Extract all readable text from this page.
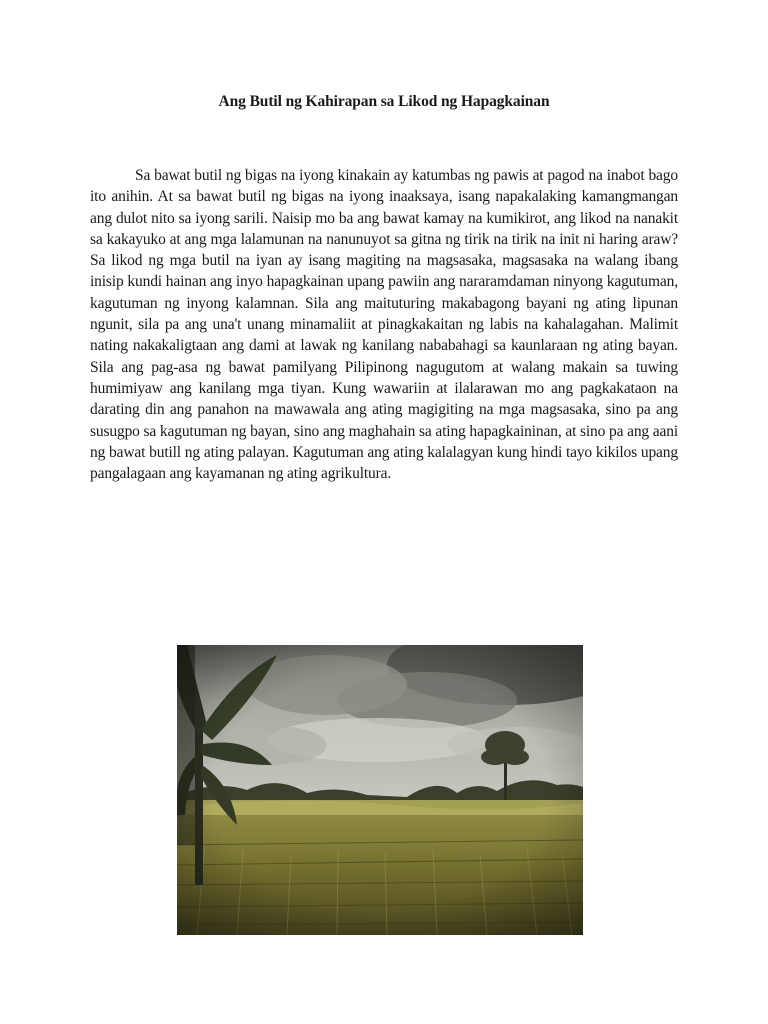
Ang Butil ng Kahirapan sa Likod ng Hapagkainan

Sa bawat butil ng bigas na iyong kinakain ay katumbas ng pawis at pagod na inabot bago ito anihin. At sa bawat butil ng bigas na iyong inaaksaya, isang napakalaking kamangmangan ang dulot nito sa iyong sarili. Naisip mo ba ang bawat kamay na kumikirot, ang likod na nanakit sa kakayuko at ang mga lalamunan na nanunuyot sa gitna ng tirik na tirik na init ni haring araw? Sa likod ng mga butil na iyan ay isang magiting na magsasaka, magsasaka na walang ibang inisip kundi hainan ang inyo hapagkainan upang pawiin ang nararamdaman ninyong kagutuman, kagutuman ng inyong kalamnan. Sila ang maituturing makabagong bayani ng ating lipunan ngunit, sila pa ang una't unang minamaliit at pinagkakaitan ng labis na kahalagahan. Malimit nating nakakaligtaan ang dami at lawak ng kanilang nababahagi sa kaunlaraan ng ating bayan. Sila ang pag-asa ng bawat pamilyang Pilipinong nagugutom at walang makain sa tuwing humimiyaw ang kanilang mga tiyan. Kung wawariin at ilalarawan mo ang pagkakataon na darating din ang panahon na mawawala ang ating magigiting na mga magsasaka, sino pa ang susugpo sa kagutuman ng bayan, sino ang maghahain sa ating hapagkaininan, at sino pa ang aani ng bawat butill ng ating palayan. Kagutuman ang ating kalalagyan kung hindi tayo kikilos upang pangalagaan ang kayamanan ng ating agrikultura.
